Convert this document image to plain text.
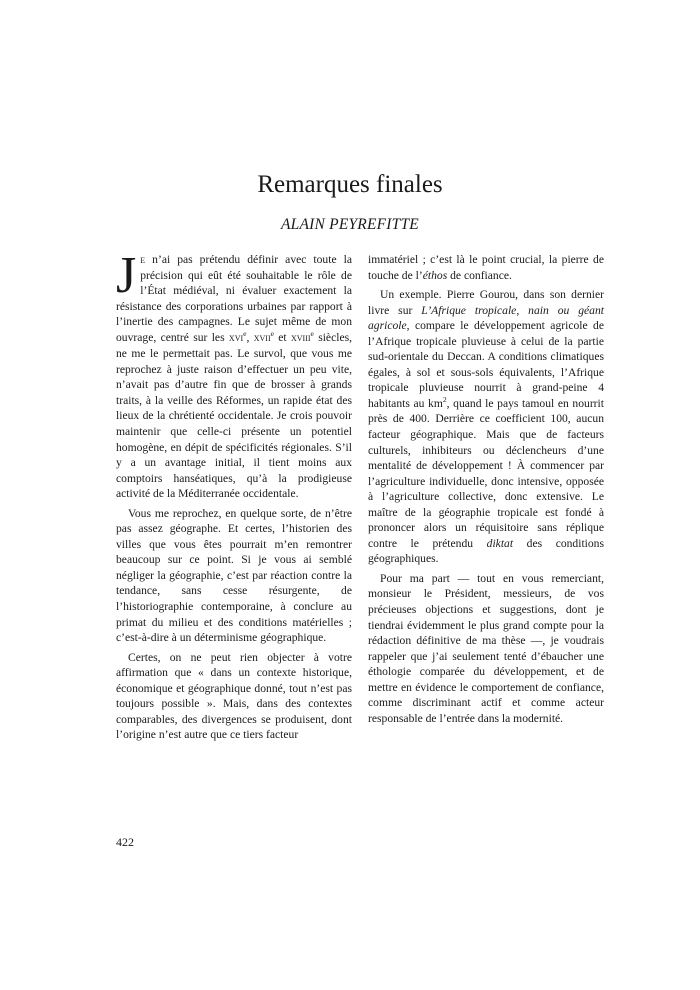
Remarques finales
ALAIN PEYREFITTE

Je n’ai pas prétendu définir avec toute la précision qui eût été souhaitable le rôle de l’État médiéval, ni évaluer exactement la résistance des corporations urbaines par rapport à l’inertie des campagnes. Le sujet même de mon ouvrage, centré sur les xvi$^e$, xvii$^e$ et xviii$^e$ siècles, ne me le permettait pas. Le survol, que vous me reprochez à juste raison d’effectuer un peu vite, n’avait pas d’autre fin que de brosser à grands traits, à la veille des Réformes, un rapide état des lieux de la chrétienté occidentale. Je crois pouvoir maintenir que celle-ci présente un potentiel homogène, en dépit de spécificités régionales. S’il y a un avantage initial, il tient moins aux comptoirs hanséatiques, qu’à la prodigieuse activité de la Méditerranée occidentale.

Vous me reprochez, en quelque sorte, de n’être pas assez géographe. Et certes, l’historien des villes que vous êtes pourrait m’en remontrer beaucoup sur ce point. Si je vous ai semblé négliger la géographie, c’est par réaction contre la tendance, sans cesse résurgente, de l’historiographie contemporaine, à conclure au primat du milieu et des conditions matérielles ; c’est-à-dire à un déterminisme géographique.

Certes, on ne peut rien objecter à votre affirmation que « dans un contexte historique, économique et géographique donné, tout n’est pas toujours possible ». Mais, dans des contextes comparables, des divergences se produisent, dont l’origine n’est autre que ce tiers facteur

immatériel ; c’est là le point crucial, la pierre de touche de l’éthos de confiance.

Un exemple. Pierre Gourou, dans son dernier livre sur L’Afrique tropicale, nain ou géant agricole, compare le développement agricole de l’Afrique tropicale pluvieuse à celui de la partie sud-orientale du Deccan. A conditions climatiques égales, à sol et sous-sols équivalents, l’Afrique tropicale pluvieuse nourrit à grand-peine 4 habitants au $km^2$, quand le pays tamoul en nourrit près de 400. Derrière ce coefficient 100, aucun facteur géographique. Mais que de facteurs culturels, inhibiteurs ou déclencheurs d’une mentalité de développement ! À commencer par l’agriculture individuelle, donc intensive, opposée à l’agriculture collective, donc extensive. Le maître de la géographie tropicale est fondé à prononcer alors un réquisitoire sans réplique contre le prétendu diktat des conditions géographiques.

Pour ma part — tout en vous remerciant, monsieur le Président, messieurs, de vos précieuses objections et suggestions, dont je tiendrai évidemment le plus grand compte pour la rédaction définitive de ma thèse —, je voudrais rappeler que j’ai seulement tenté d’ébaucher une éthologie comparée du développement, et de mettre en évidence le comportement de confiance, comme discriminant actif et comme acteur responsable de l’entrée dans la modernité.

422
